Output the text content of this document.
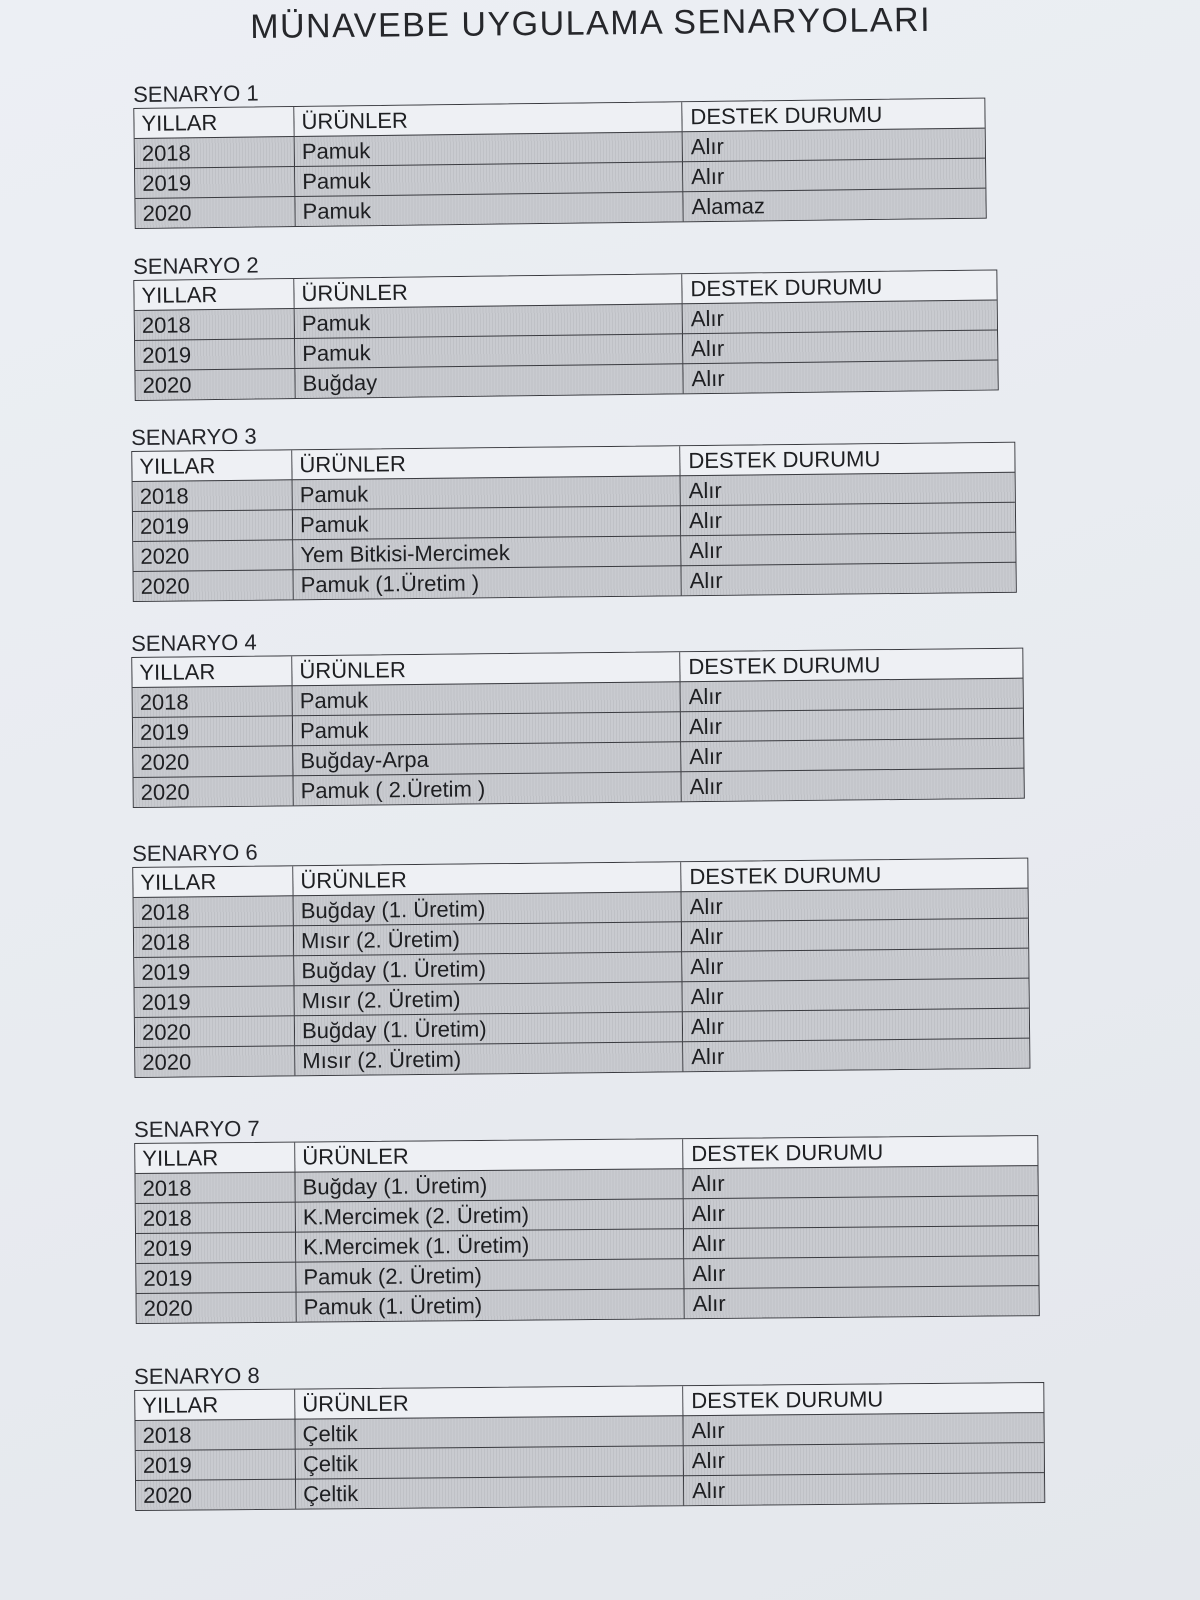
MÜNAVEBE UYGULAMA SENARYOLARI
SENARYO 1
YILLAR	ÜRÜNLER	DESTEK DURUMU
2018	Pamuk	Alır
2019	Pamuk	Alır
2020	Pamuk	Alamaz
SENARYO 2
YILLAR	ÜRÜNLER	DESTEK DURUMU
2018	Pamuk	Alır
2019	Pamuk	Alır
2020	Buğday	Alır
SENARYO 3
YILLAR	ÜRÜNLER	DESTEK DURUMU
2018	Pamuk	Alır
2019	Pamuk	Alır
2020	Yem Bitkisi-Mercimek	Alır
2020	Pamuk (1.Üretim )	Alır
SENARYO 4
YILLAR	ÜRÜNLER	DESTEK DURUMU
2018	Pamuk	Alır
2019	Pamuk	Alır
2020	Buğday-Arpa	Alır
2020	Pamuk ( 2.Üretim )	Alır
SENARYO 6
YILLAR	ÜRÜNLER	DESTEK DURUMU
2018	Buğday (1. Üretim)	Alır
2018	Mısır (2. Üretim)	Alır
2019	Buğday (1. Üretim)	Alır
2019	Mısır (2. Üretim)	Alır
2020	Buğday (1. Üretim)	Alır
2020	Mısır (2. Üretim)	Alır
SENARYO 7
YILLAR	ÜRÜNLER	DESTEK DURUMU
2018	Buğday (1. Üretim)	Alır
2018	K.Mercimek (2. Üretim)	Alır
2019	K.Mercimek (1. Üretim)	Alır
2019	Pamuk (2. Üretim)	Alır
2020	Pamuk (1. Üretim)	Alır
SENARYO 8
YILLAR	ÜRÜNLER	DESTEK DURUMU
2018	Çeltik	Alır
2019	Çeltik	Alır
2020	Çeltik	Alır
